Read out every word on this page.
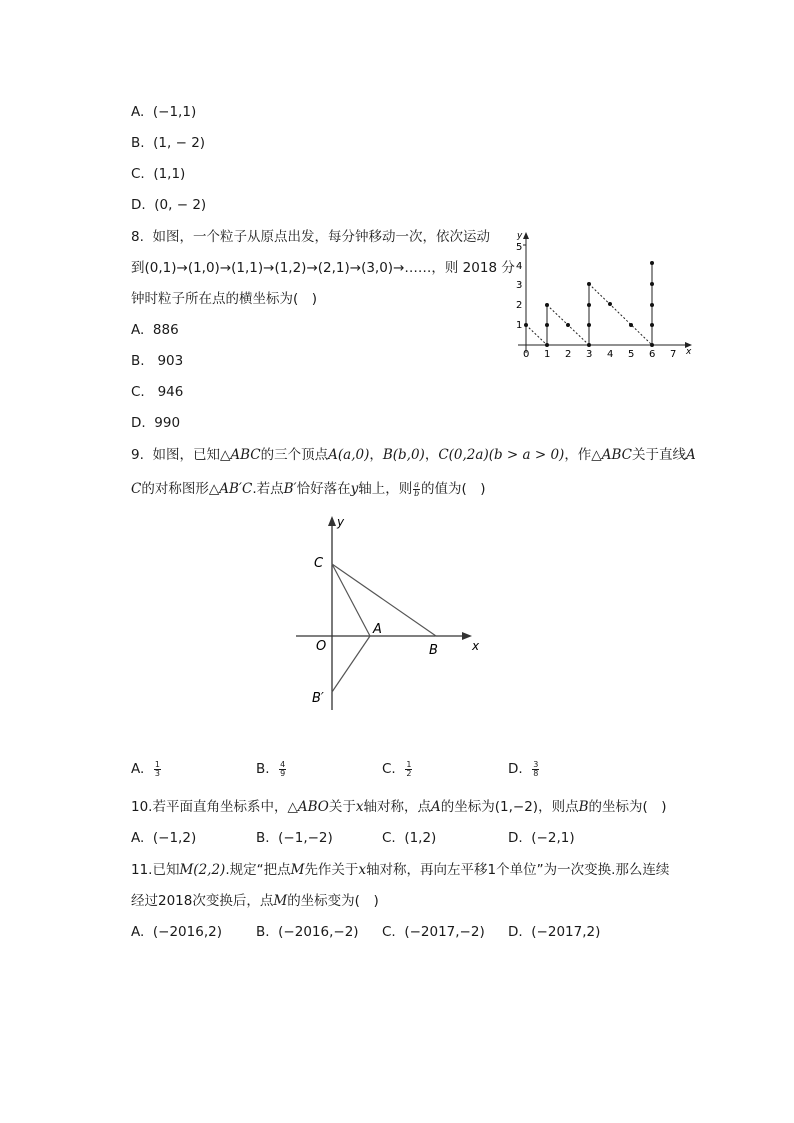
A. (−1,1)
B. (1, − 2)
C. (1,1)
D. (0, − 2)
8. 如图，一个粒子从原点出发，每分钟移动一次，依次运动
到(0,1)→(1,0)→(1,1)→(1,2)→(2,1)→(3,0)→……，则 2018 分
钟时粒子所在点的横坐标为(　)
A. 886
B. 903
C. 946
D. 990
y
x
1
2
3
4
5
0 1 2 3 4 5 6 7
9. 如图，已知△ABC的三个顶点A(a,0)，B(b,0)，C(0,2a)(b > a > 0)，作△ABC关于直线A
C的对称图形△AB′C.若点B′恰好落在y轴上，则 $\frac{a}{b}$ 的值为(　)
y
C
O
A
B
B′
x
A. $\frac{1}{3}$	B. $\frac{4}{9}$	C. $\frac{1}{2}$	D. $\frac{3}{8}$
10.若平面直角坐标系中，△ABO关于x轴对称，点A的坐标为(1,−2)，则点B的坐标为(　)
A. (−1,2)	B. (−1,−2)	C. (1,2)	D. (−2,1)
11.已知M(2,2).规定“把点M先作关于x轴对称，再向左平移1个单位”为一次变换.那么连续
经过2018次变换后，点M的坐标变为(　)
A. (−2016,2)	B. (−2016,−2) C. (−2017,−2) D. (−2017,2)
